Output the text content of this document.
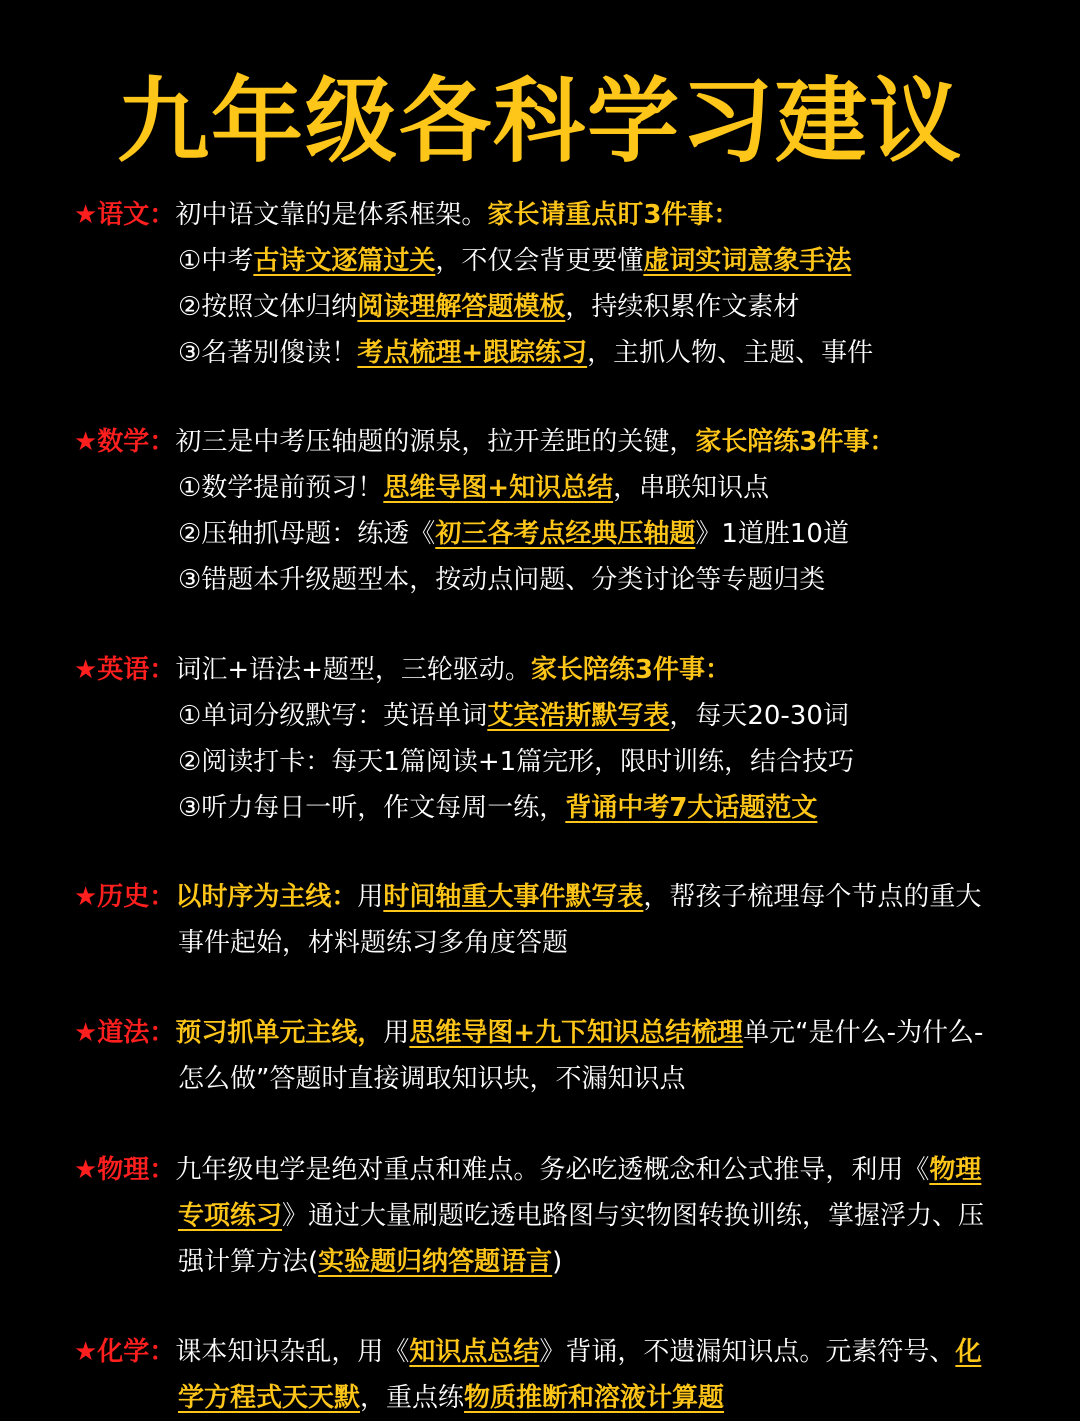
九年级各科学习建议
★语文：初中语文靠的是体系框架。家长请重点盯3件事：
①中考古诗文逐篇过关，不仅会背更要懂虚词实词意象手法
②按照文体归纳阅读理解答题模板，持续积累作文素材
③名著别傻读！考点梳理+跟踪练习，主抓人物、主题、事件
★数学：初三是中考压轴题的源泉，拉开差距的关键，家长陪练3件事：
①数学提前预习！思维导图+知识总结，串联知识点
②压轴抓母题：练透《初三各考点经典压轴题》1道胜10道
③错题本升级题型本，按动点问题、分类讨论等专题归类
★英语：词汇+语法+题型，三轮驱动。家长陪练3件事：
①单词分级默写：英语单词艾宾浩斯默写表，每天20-30词
②阅读打卡：每天1篇阅读+1篇完形，限时训练，结合技巧
③听力每日一听，作文每周一练，背诵中考7大话题范文
★历史：以时序为主线：用时间轴重大事件默写表，帮孩子梳理每个节点的重大
事件起始，材料题练习多角度答题
★道法：预习抓单元主线，用思维导图+九下知识总结梳理单元“是什么-为什么-
怎么做”答题时直接调取知识块，不漏知识点
★物理：九年级电学是绝对重点和难点。务必吃透概念和公式推导，利用《物理
专项练习》通过大量刷题吃透电路图与实物图转换训练，掌握浮力、压
强计算方法(实验题归纳答题语言)
★化学：课本知识杂乱，用《知识点总结》背诵，不遗漏知识点。元素符号、化
学方程式天天默，重点练物质推断和溶液计算题
